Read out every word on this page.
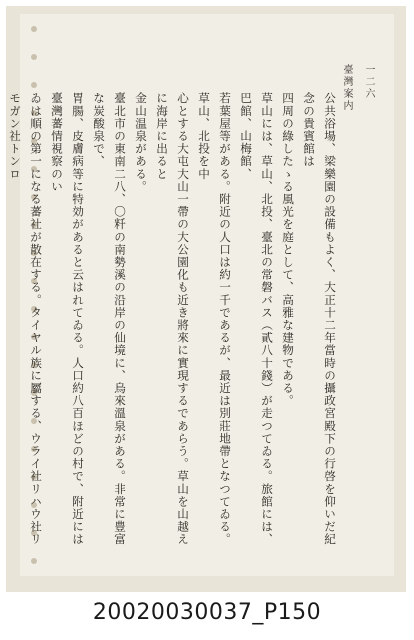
臺灣案内 一二六

公共浴場、梁樂園の設備もよく、大正十二年當時の攝政宮殿下の行啓を仰いだ紀念の貴賓館は

四周の綠したゝる風光を庭として、高雅な建物である。

草山には、草山、北投、臺北の常磐バス（貳八十錢）が走つてゐる。旅館には、巴館、山梅館、

若葉屋等がある。附近の人口は約一千であるが、最近は別莊地帶となつてゐる。草山、北投を中

心とする大屯大山一帶の大公園化も近き將來に實現するであらう。草山を山越えに海岸に出ると

金山温泉がある。

臺北市の東南二八、〇粁の南勢溪の沿岸の仙境に、烏來溫泉がある。非常に豊富な炭酸泉で、

胃腸、皮膚病等に特効があると云はれてゐる。人口約八百ほどの村で、附近には臺灣蕃情視察のい

ゐは順の第一になる蕃社が散在する。タイヤル族に屬する、ウライ社リハウ社リモガン社トンロ

20020030037_P150
